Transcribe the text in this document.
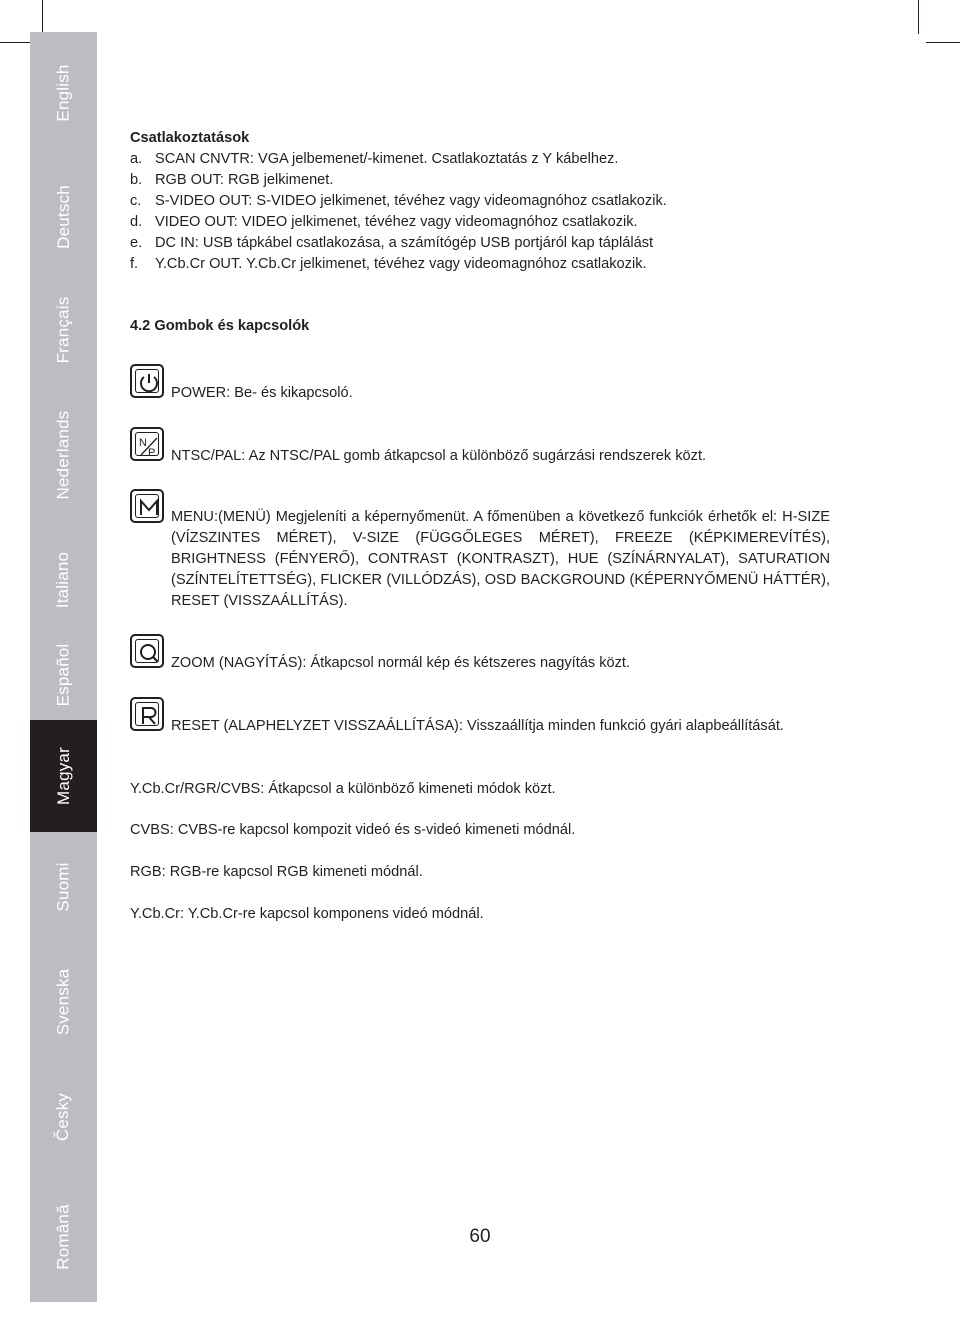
English
Deutsch
Français
Nederlands
Italiano
Español
Magyar
Suomi
Svenska
Česky
Română
Csatlakoztatások
a. SCAN CNVTR: VGA jelbemenet/-kimenet. Csatlakoztatás z Y kábelhez.
b. RGB OUT: RGB jelkimenet.
c. S-VIDEO OUT: S-VIDEO jelkimenet, tévéhez vagy videomagnóhoz csatlakozik.
d. VIDEO OUT: VIDEO jelkimenet, tévéhez vagy videomagnóhoz csatlakozik.
e. DC IN: USB tápkábel csatlakozása, a számítógép USB portjáról kap táplálást
f.	Y.Cb.Cr OUT. Y.Cb.Cr jelkimenet, tévéhez vagy videomagnóhoz csatlakozik.
4.2 Gombok és kapcsolók
POWER: Be- és kikapcsoló.
N
P NTSC/PAL: Az NTSC/PAL gomb átkapcsol a különböző sugárzási rendszerek közt.
MENU:(MENÜ) Megjeleníti a képernyőmenüt. A főmenüben a következő funkciók érhetők el: H-SIZE (VÍZSZINTES MÉRET), V-SIZE (FÜGGŐLEGES MÉRET), FREEZE (KÉPKIMEREVÍTÉS), BRIGHTNESS (FÉNYERŐ), CONTRAST (KONTRASZT), HUE (SZÍNÁRNYALAT), SATURATION (SZÍNTELÍTETTSÉG), FLICKER (VILLÓDZÁS), OSD BACKGROUND (KÉPERNYŐMENÜ HÁTTÉR), RESET (VISSZAÁLLÍTÁS).
ZOOM (NAGYÍTÁS): Átkapcsol normál kép és kétszeres nagyítás közt.
RESET (ALAPHELYZET VISSZAÁLLÍTÁSA): Visszaállítja minden funkció gyári alapbeállítását.
Y.Cb.Cr/RGR/CVBS: Átkapcsol a különböző kimeneti módok közt.
CVBS: CVBS-re kapcsol kompozit videó és s-videó kimeneti módnál.
RGB: RGB-re kapcsol RGB kimeneti módnál.
Y.Cb.Cr: Y.Cb.Cr-re kapcsol komponens videó módnál.
60
